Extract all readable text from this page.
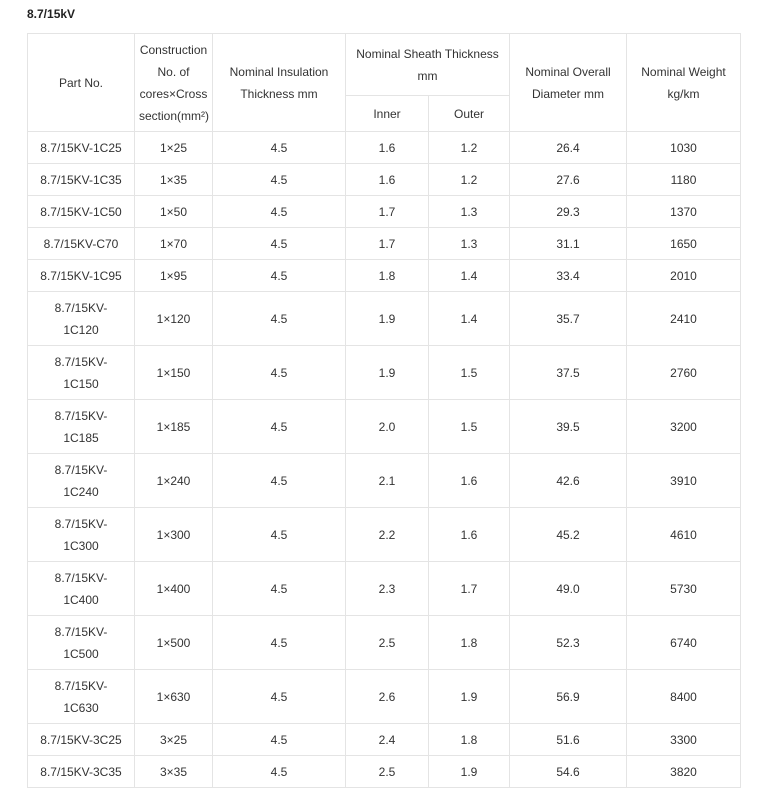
8.7/15kV
Part No.	Construction No. of cores×Cross section(mm²)	Nominal Insulation Thickness mm	Nominal Sheath Thickness mm		Nominal Overall Diameter mm	Nominal Weight kg/km
			Inner	Outer		
8.7/15KV-1C25	1×25	4.5	1.6	1.2	26.4	1030
8.7/15KV-1C35	1×35	4.5	1.6	1.2	27.6	1180
8.7/15KV-1C50	1×50	4.5	1.7	1.3	29.3	1370
8.7/15KV-C70	1×70	4.5	1.7	1.3	31.1	1650
8.7/15KV-1C95	1×95	4.5	1.8	1.4	33.4	2010
8.7/15KV-1C120	1×120	4.5	1.9	1.4	35.7	2410
8.7/15KV-1C150	1×150	4.5	1.9	1.5	37.5	2760
8.7/15KV-1C185	1×185	4.5	2.0	1.5	39.5	3200
8.7/15KV-1C240	1×240	4.5	2.1	1.6	42.6	3910
8.7/15KV-1C300	1×300	4.5	2.2	1.6	45.2	4610
8.7/15KV-1C400	1×400	4.5	2.3	1.7	49.0	5730
8.7/15KV-1C500	1×500	4.5	2.5	1.8	52.3	6740
8.7/15KV-1C630	1×630	4.5	2.6	1.9	56.9	8400
8.7/15KV-3C25	3×25	4.5	2.4	1.8	51.6	3300
8.7/15KV-3C35	3×35	4.5	2.5	1.9	54.6	3820
